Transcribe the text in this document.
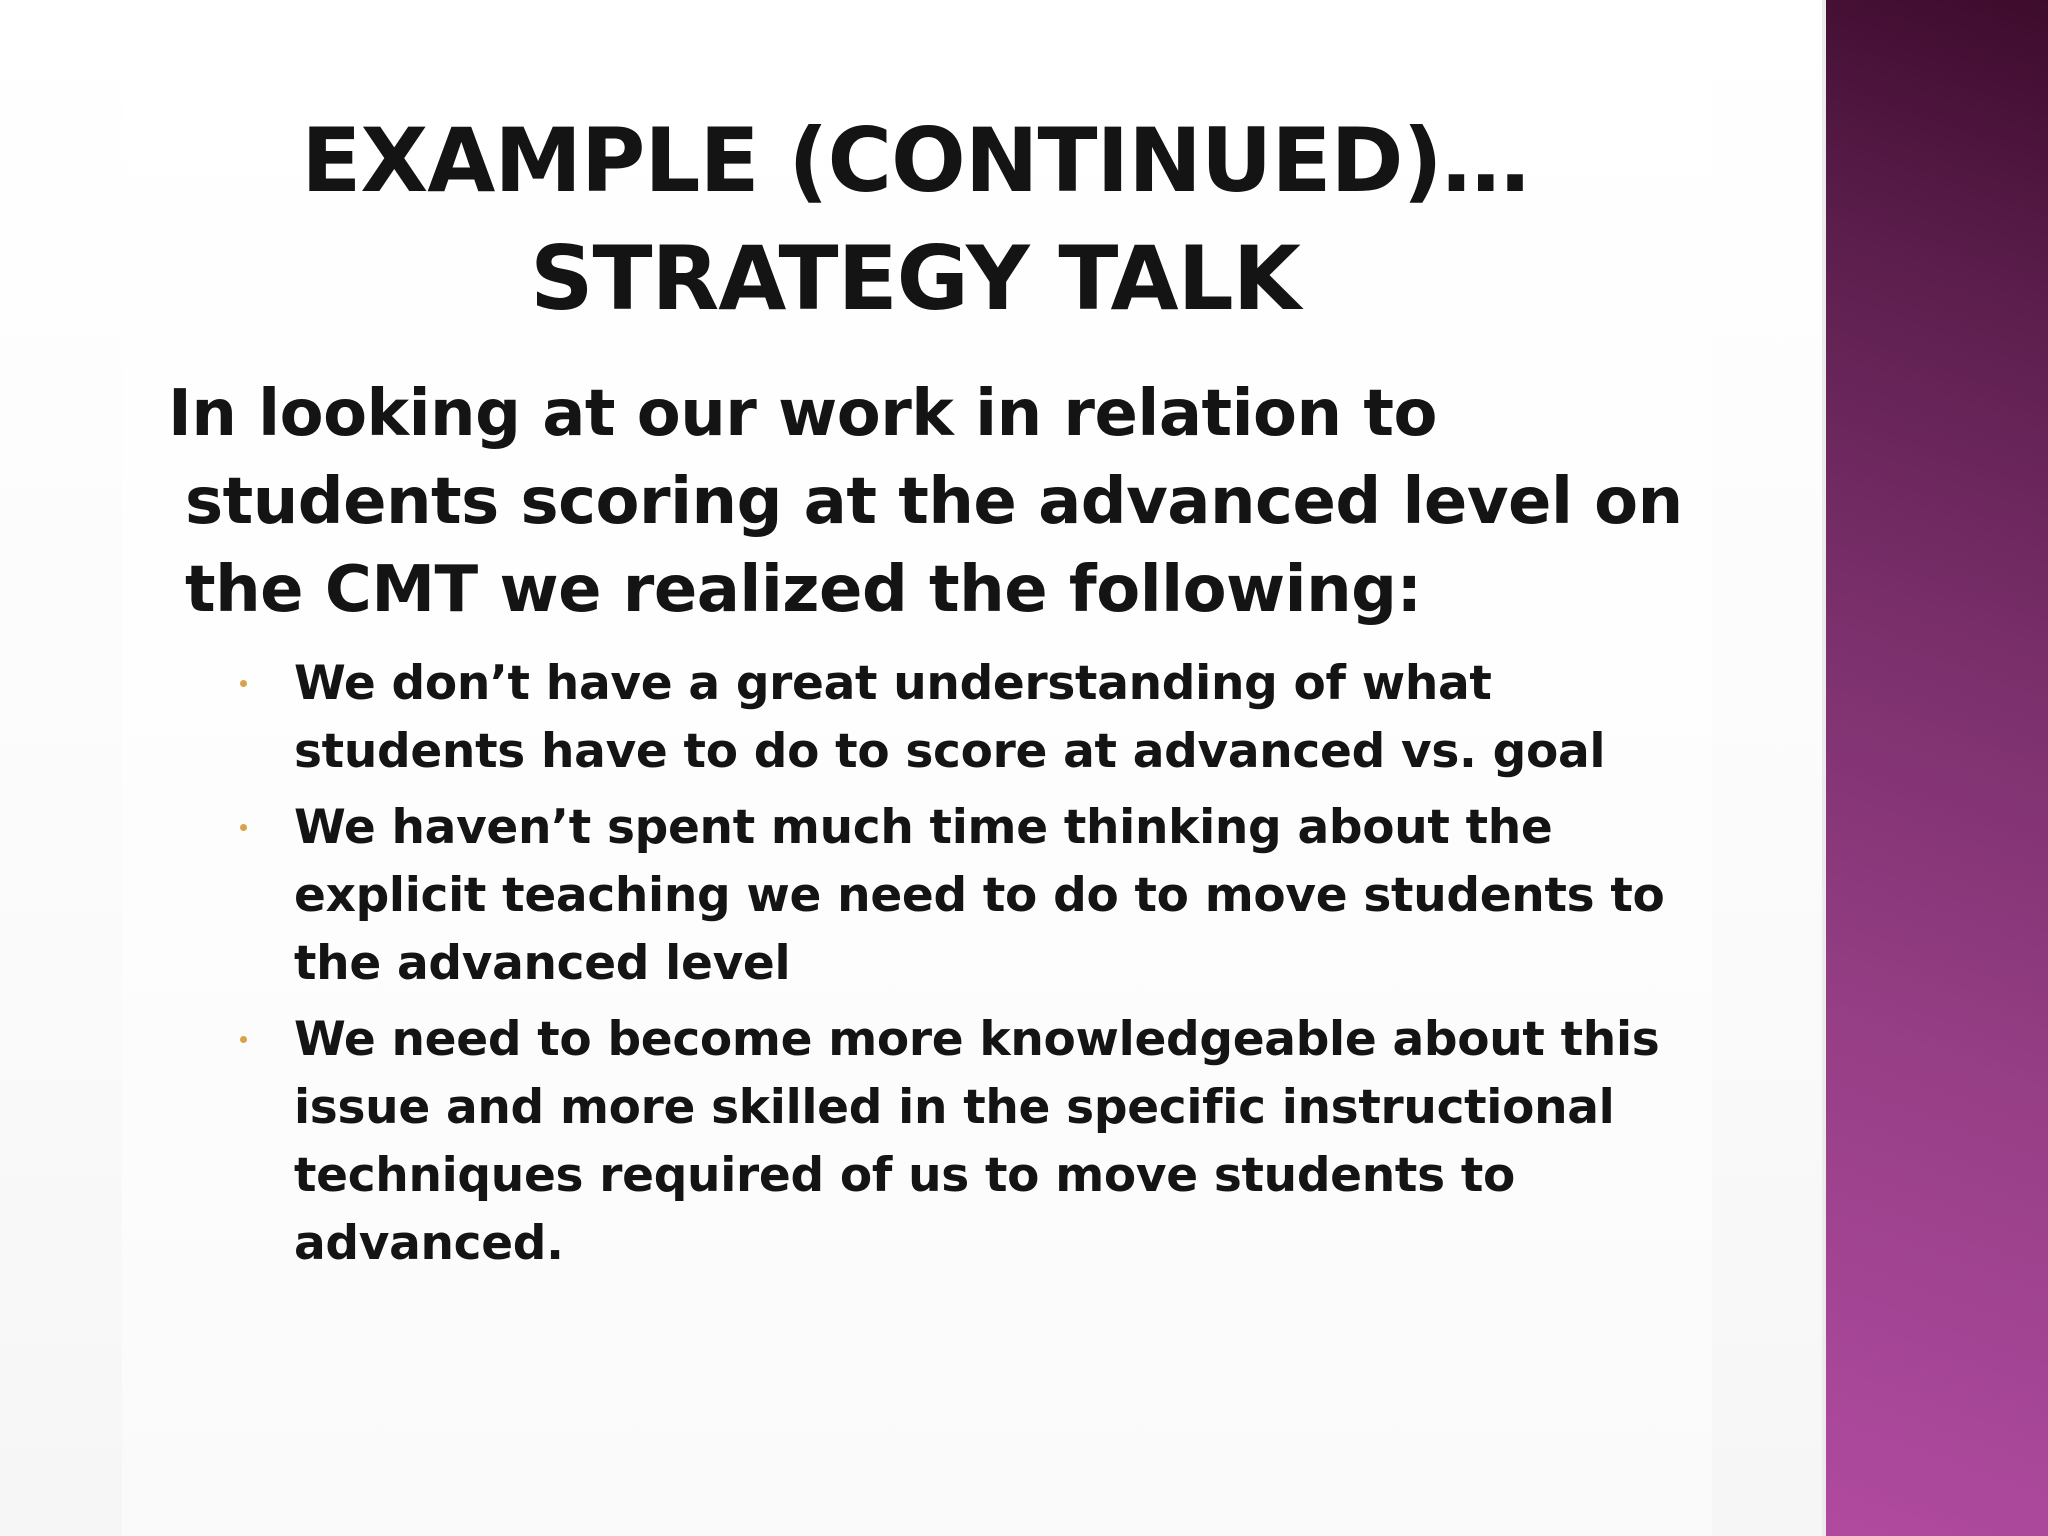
EXAMPLE (CONTINUED)…STRATEGY TALK

In looking at our work in relation to students scoring at the advanced level on the CMT we realized the following:

We don’t have a great understanding of what students have to do to score at advanced vs. goal
We haven’t spent much time thinking about the explicit teaching we need to do to move students to the advanced level
We need to become more knowledgeable about this issue and more skilled in the specific instructional techniques required of us to move students to advanced.
